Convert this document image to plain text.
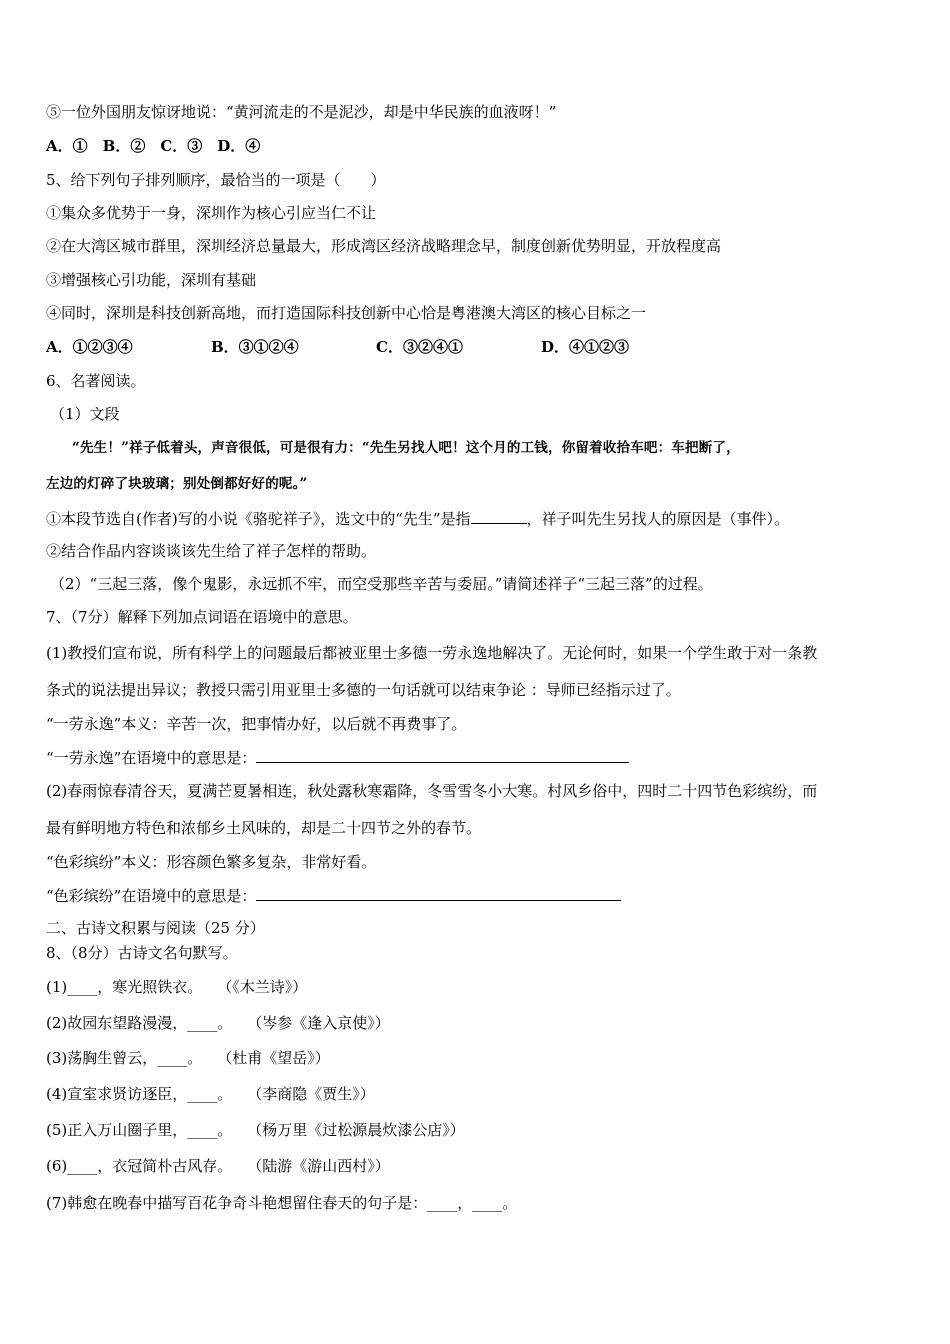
⑤一位外国朋友惊讶地说：“黄河流走的不是泥沙，却是中华民族的血液呀！”
A．①　B．②　C．③　D．④
5、给下列句子排列顺序，最恰当的一项是（　　）
①集众多优势于一身，深圳作为核心引应当仁不让
②在大湾区城市群里，深圳经济总量最大，形成湾区经济战略理念早，制度创新优势明显，开放程度高
③增强核心引功能，深圳有基础
④同时，深圳是科技创新高地，而打造国际科技创新中心恰是粤港澳大湾区的核心目标之一
A．①②③④	B．③①②④	C．③②④①	D．④①②③
6、名著阅读。
（1）文段
“先生！”祥子低着头，声音很低，可是很有力：“先生另找人吧！这个月的工钱，你留着收拾车吧：车把断了，
左边的灯碎了块玻璃；别处倒都好好的呢。”
①本段节选自(作者)写的小说《骆驼祥子》，选文中的“先生”是指	，祥子叫先生另找人的原因是（事件）。
②结合作品内容谈谈该先生给了祥子怎样的帮助。
（2）“三起三落，像个鬼影，永远抓不牢，而空受那些辛苦与委屈。”请简述祥子“三起三落”的过程。
7、（7分）解释下列加点词语在语境中的意思。
(1)教授们宣布说，所有科学上的问题最后都被亚里士多德一劳永逸地解决了。无论何时，如果一个学生敢于对一条教
条式的说法提出异议；教授只需引用亚里士多德的一句话就可以结束争论 ：导师已经指示过了。
“一劳永逸”本义：辛苦一次，把事情办好，以后就不再费事了。
“一劳永逸”在语境中的意思是：
(2)春雨惊春清谷天，夏满芒夏暑相连，秋处露秋寒霜降，冬雪雪冬小大寒。村风乡俗中，四时二十四节色彩缤纷，而
最有鲜明地方特色和浓郁乡土风味的，却是二十四节之外的春节。
“色彩缤纷”本义：形容颜色繁多复杂，非常好看。
“色彩缤纷”在语境中的意思是：
二、古诗文积累与阅读（25 分）
8、（8分）古诗文名句默写。
(1)____，寒光照铁衣。　　（《木兰诗》）
(2)故园东望路漫漫，____。　　（岑参《逢入京使》）
(3)荡胸生曾云，____。　　（杜甫《望岳》）
(4)宣室求贤访逐臣，____。　　（李商隐《贾生》）
(5)正入万山圈子里，____。　　（杨万里《过松源晨炊漆公店》）
(6)____，衣冠简朴古风存。　　（陆游《游山西村》）
(7)韩愈在晚春中描写百花争奇斗艳想留住春天的句子是：____，____。
